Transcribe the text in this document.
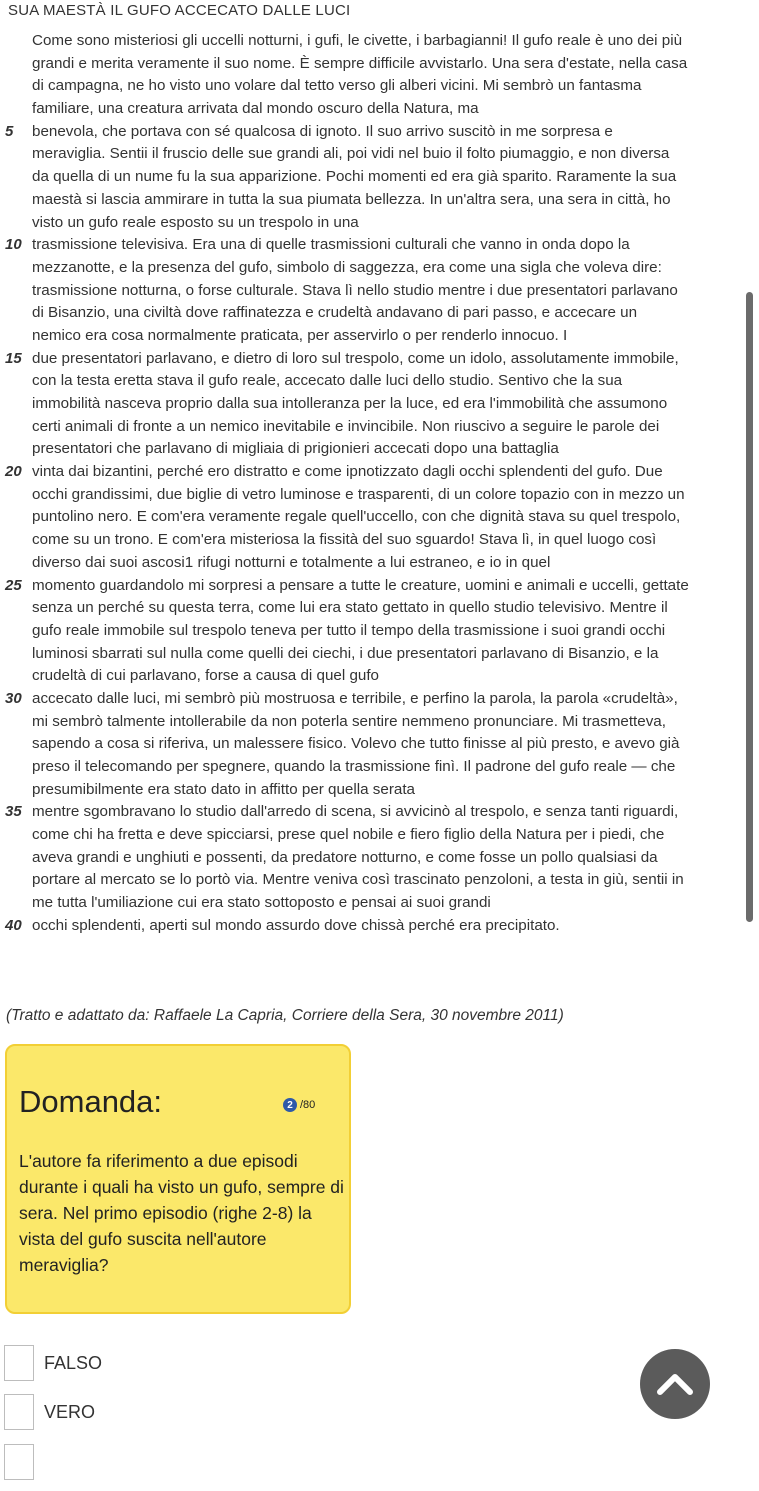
SUA MAESTÀ IL GUFO ACCECATO DALLE LUCI
Come sono misteriosi gli uccelli notturni, i gufi, le civette, i barbagianni! Il gufo reale è uno dei più
grandi e merita veramente il suo nome. È sempre difficile avvistarlo. Una sera d'estate, nella casa
di campagna, ne ho visto uno volare dal tetto verso gli alberi vicini. Mi sembrò un fantasma
familiare, una creatura arrivata dal mondo oscuro della Natura, ma
5 benevola, che portava con sé qualcosa di ignoto. Il suo arrivo suscitò in me sorpresa e
meraviglia. Sentii il fruscio delle sue grandi ali, poi vidi nel buio il folto piumaggio, e non diversa
da quella di un nume fu la sua apparizione. Pochi momenti ed era già sparito. Raramente la sua
maestà si lascia ammirare in tutta la sua piumata bellezza. In un'altra sera, una sera in città, ho
visto un gufo reale esposto su un trespolo in una
10 trasmissione televisiva. Era una di quelle trasmissioni culturali che vanno in onda dopo la
mezzanotte, e la presenza del gufo, simbolo di saggezza, era come una sigla che voleva dire:
trasmissione notturna, o forse culturale. Stava lì nello studio mentre i due presentatori parlavano
di Bisanzio, una civiltà dove raffinatezza e crudeltà andavano di pari passo, e accecare un
nemico era cosa normalmente praticata, per asservirlo o per renderlo innocuo. I
15 due presentatori parlavano, e dietro di loro sul trespolo, come un idolo, assolutamente immobile,
con la testa eretta stava il gufo reale, accecato dalle luci dello studio. Sentivo che la sua
immobilità nasceva proprio dalla sua intolleranza per la luce, ed era l'immobilità che assumono
certi animali di fronte a un nemico inevitabile e invincibile. Non riuscivo a seguire le parole dei
presentatori che parlavano di migliaia di prigionieri accecati dopo una battaglia
20 vinta dai bizantini, perché ero distratto e come ipnotizzato dagli occhi splendenti del gufo. Due
occhi grandissimi, due biglie di vetro luminose e trasparenti, di un colore topazio con in mezzo un
puntolino nero. E com'era veramente regale quell'uccello, con che dignità stava su quel trespolo,
come su un trono. E com'era misteriosa la fissità del suo sguardo! Stava lì, in quel luogo così
diverso dai suoi ascosi1 rifugi notturni e totalmente a lui estraneo, e io in quel
25 momento guardandolo mi sorpresi a pensare a tutte le creature, uomini e animali e uccelli, gettate
senza un perché su questa terra, come lui era stato gettato in quello studio televisivo. Mentre il
gufo reale immobile sul trespolo teneva per tutto il tempo della trasmissione i suoi grandi occhi
luminosi sbarrati sul nulla come quelli dei ciechi, i due presentatori parlavano di Bisanzio, e la
crudeltà di cui parlavano, forse a causa di quel gufo
30 accecato dalle luci, mi sembrò più mostruosa e terribile, e perfino la parola, la parola «crudeltà»,
mi sembrò talmente intollerabile da non poterla sentire nemmeno pronunciare. Mi trasmetteva,
sapendo a cosa si riferiva, un malessere fisico. Volevo che tutto finisse al più presto, e avevo già
preso il telecomando per spegnere, quando la trasmissione finì. Il padrone del gufo reale — che
presumibilmente era stato dato in affitto per quella serata
35 mentre sgombravano lo studio dall'arredo di scena, si avvicinò al trespolo, e senza tanti riguardi,
come chi ha fretta e deve spicciarsi, prese quel nobile e fiero figlio della Natura per i piedi, che
aveva grandi e unghiuti e possenti, da predatore notturno, e come fosse un pollo qualsiasi da
portare al mercato se lo portò via. Mentre veniva così trascinato penzoloni, a testa in giù, sentii in
me tutta l'umiliazione cui era stato sottoposto e pensai ai suoi grandi
40 occhi splendenti, aperti sul mondo assurdo dove chissà perché era precipitato.
(Tratto e adattato da: Raffaele La Capria, Corriere della Sera, 30 novembre 2011)
Domanda:	2 /80
L'autore fa riferimento a due episodi durante i quali ha visto un gufo, sempre di sera. Nel primo episodio (righe 2-8) la vista del gufo suscita nell'autore meraviglia?
FALSO
VERO
